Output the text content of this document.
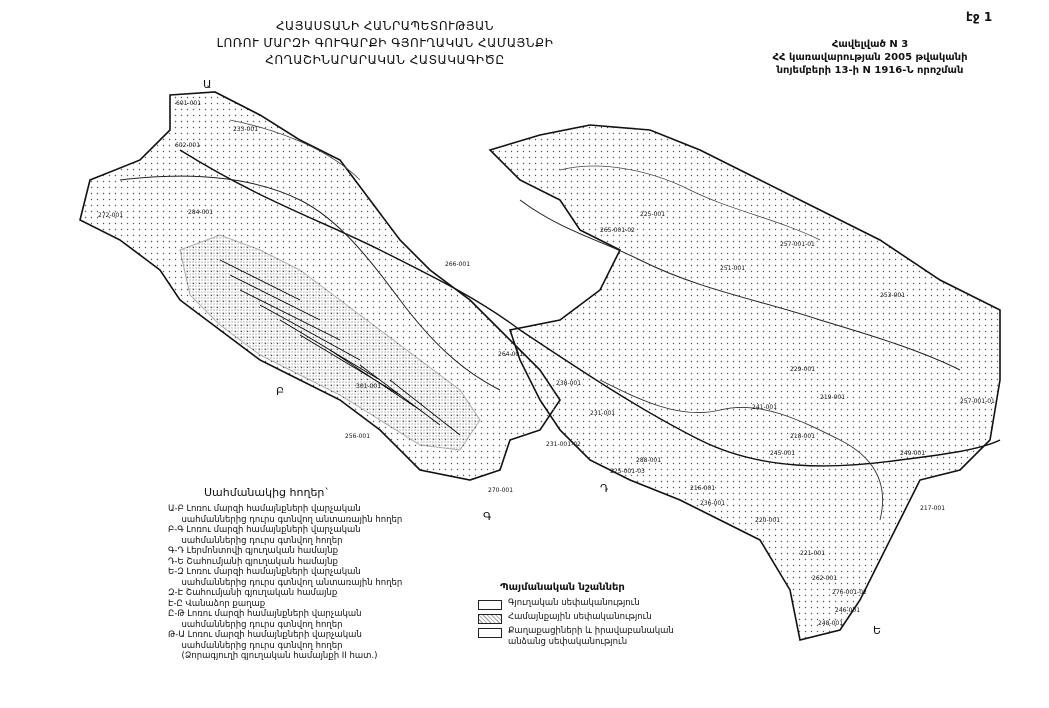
Ա
Բ
Գ
Դ
Ե
601-001
233-001
602-001
272-001	284-001
266-001
301-001
264-001
256-001
225-001
265-001-02
257-001-01
251-001
253-001
229-001
219-001
241-001
218-001
238-001
231-001
231-001-02
288-001
216-001
225-001-03
236-001
245-001	249-001
217-001
220-001
221-001
262-001
246-001
248-001
257-001-01
276-001-02
270-001
էջ 1
ՀԱՅԱՍՏԱՆԻ ՀԱՆՐԱՊԵՏՈՒԹՅԱՆ
ԼՈՌՈՒ ՄԱՐԶԻ ԳՈՒԳԱՐՔԻ ԳՅՈՒՂԱԿԱՆ ՀԱՄԱՅՆՔԻ
ՀՈՂԱՇԻՆԱՐԱՐԱԿԱՆ ՀԱՏԱԿԱԳԻԾԸ
Հավելված N 3
ՀՀ կառավարության 2005 թվականի
նոյեմբերի 13-ի N 1916-Ն որոշման
Սահմանակից հողեր`
Ա-Բ Լոռու մարզի համայնքների վարչական
սահմաններից դուրս գտնվող անտառային հողեր
Բ-Գ Լոռու մարզի համայնքների վարչական
սահմաններից դուրս գտնվող հողեր
Գ-Դ Լերմոնտովի գյուղական համայնք
Դ-Ե Շահումյանի գյուղական համայնք
Ե-Զ Լոռու մարզի համայնքների վարչական
սահմաններից դուրս գտնվող անտառային հողեր
Զ-Է Շահումյանի գյուղական համայնք
Է-Ը Վանաձոր քաղաք
Ը-Թ Լոռու մարզի համայնքների վարչական
սահմաններից դուրս գտնվող հողեր
Թ-Ա Լոռու մարզի համայնքների վարչական
սահմաններից դուրս գտնվող հողեր
(Ձորագյուղի գյուղական համայնքի II հատ.)
Պայմանական նշաններ
Գյուղական սեփականություն
Համայնքային սեփականություն
Քաղաքացիների և իրավաբանական անձանց սեփականություն
